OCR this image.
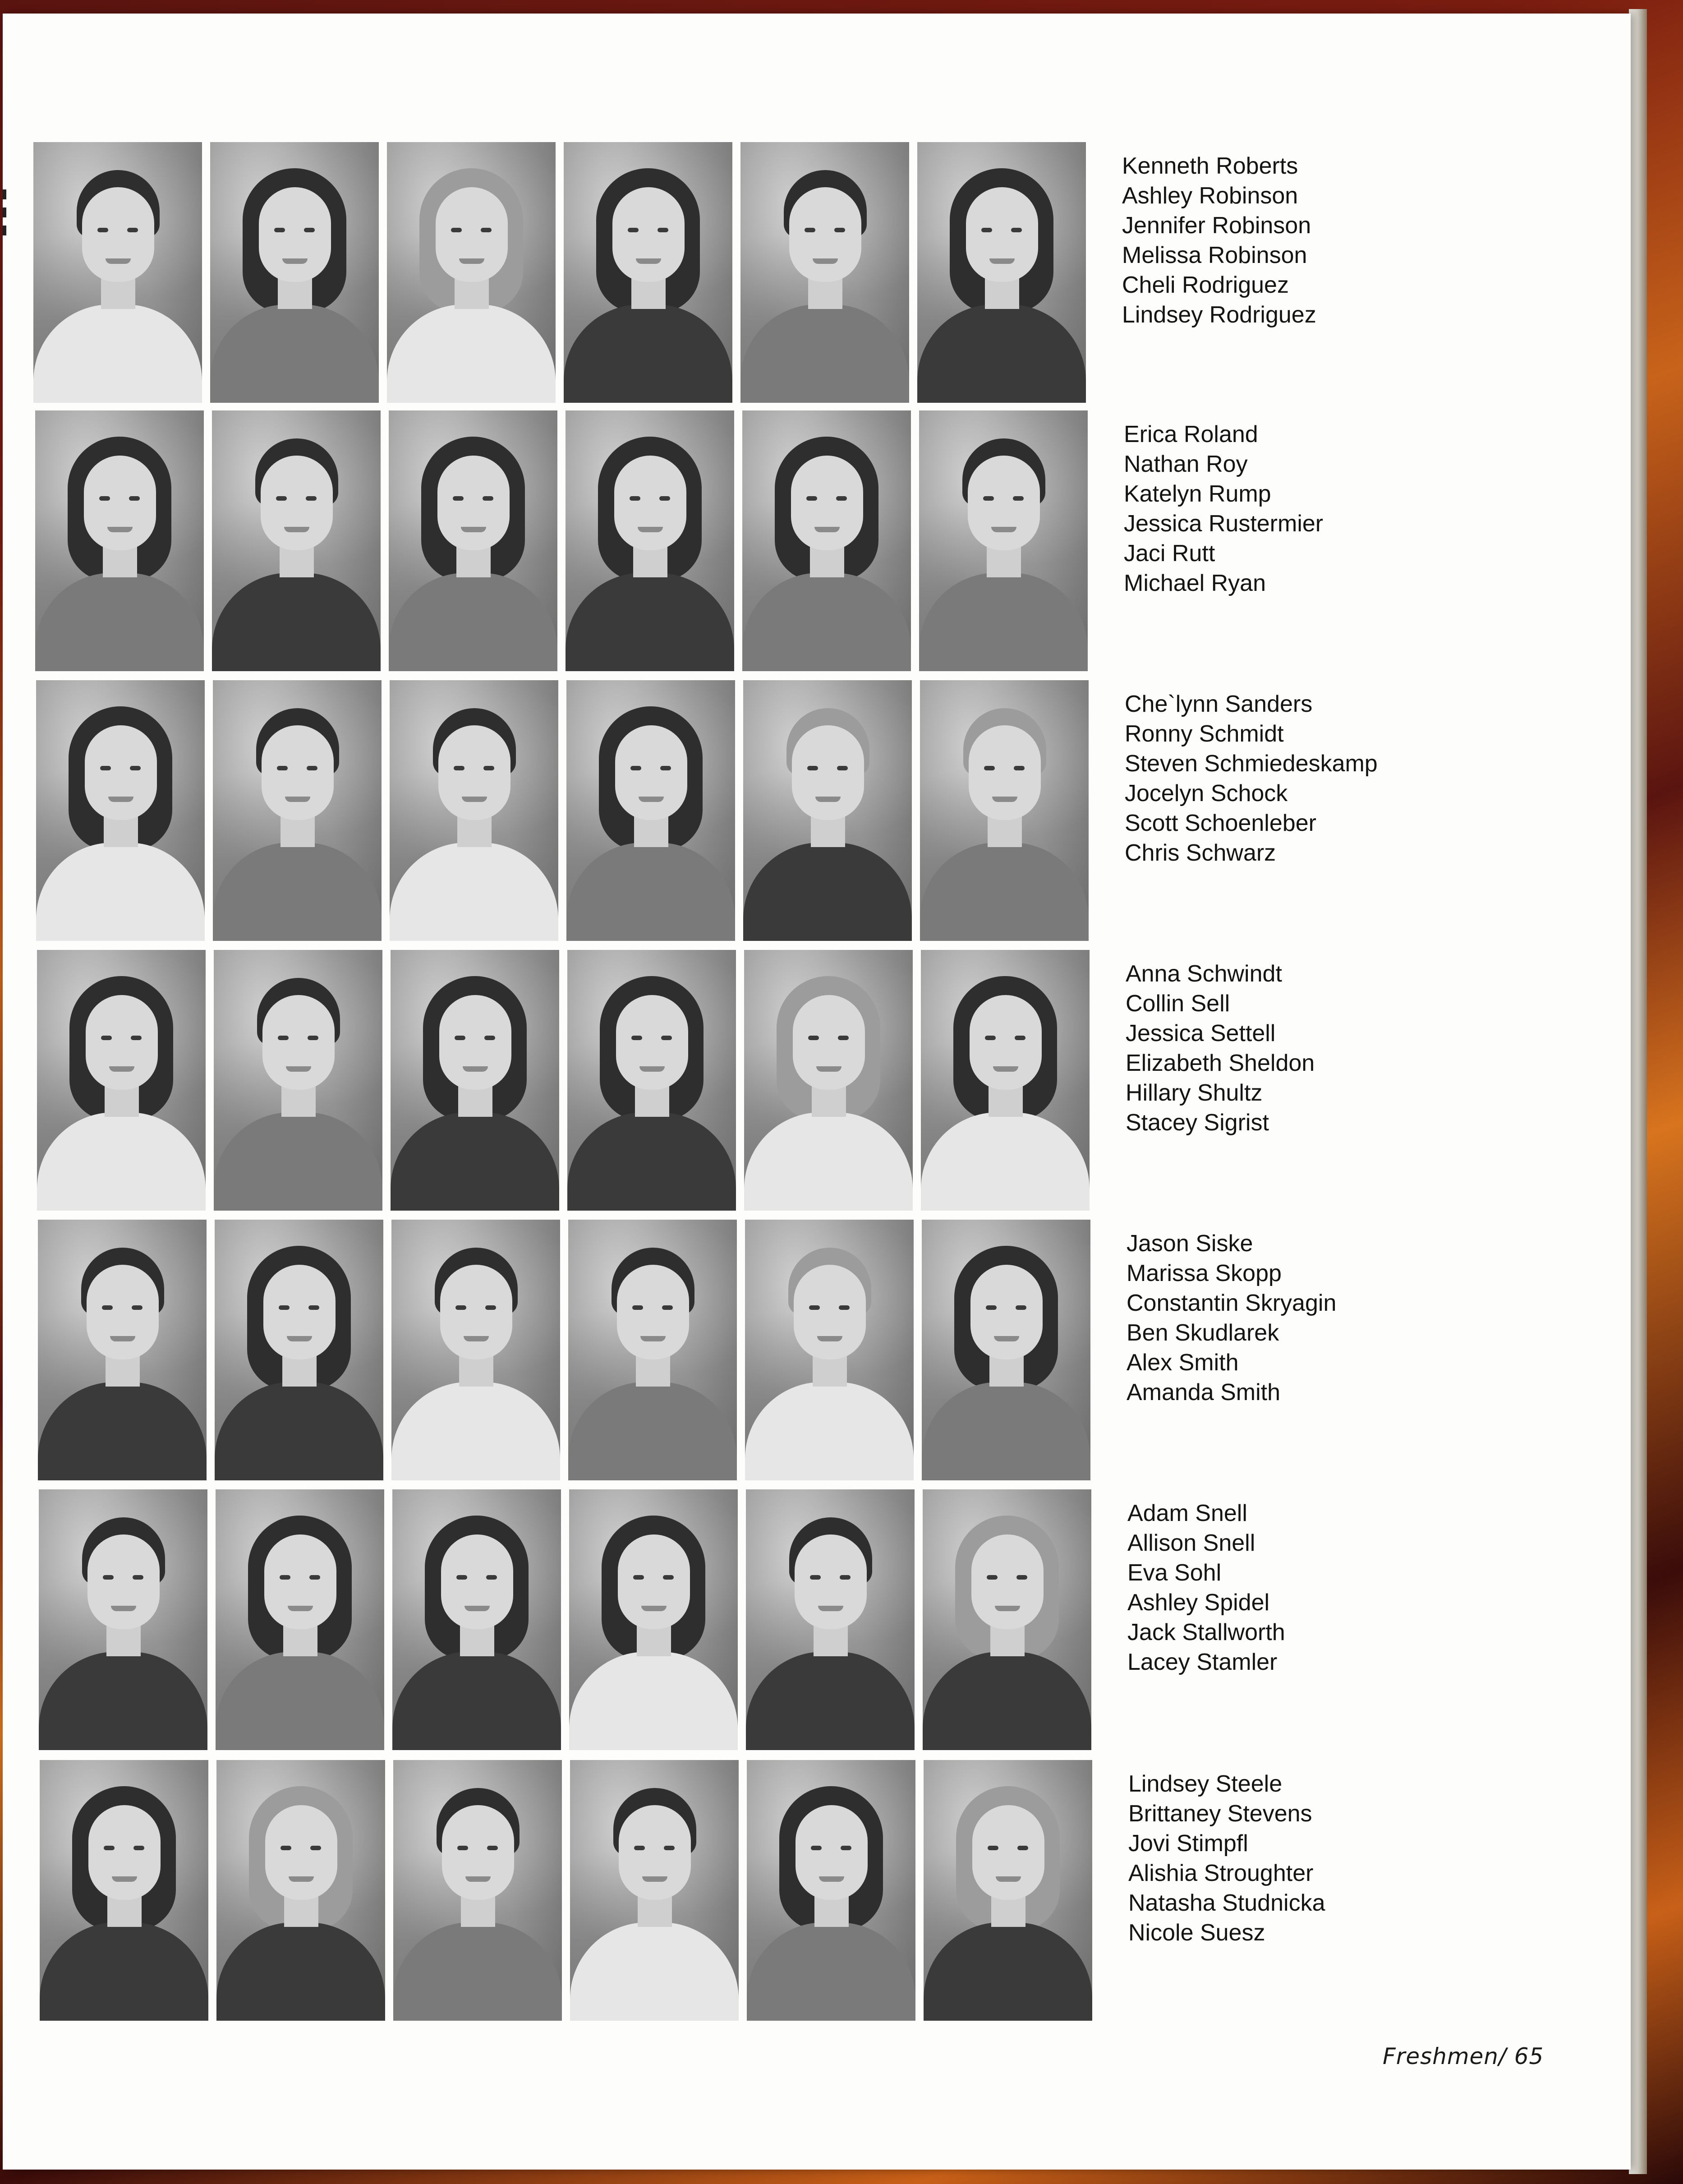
Kenneth Roberts
Ashley Robinson
Jennifer Robinson
Melissa Robinson
Cheli Rodriguez
Lindsey Rodriguez
Erica Roland
Nathan Roy
Katelyn Rump
Jessica Rustermier
Jaci Rutt
Michael Ryan
Che`lynn Sanders
Ronny Schmidt
Steven Schmiedeskamp
Jocelyn Schock
Scott Schoenleber
Chris Schwarz
Anna Schwindt
Collin Sell
Jessica Settell
Elizabeth Sheldon
Hillary Shultz
Stacey Sigrist
Jason Siske
Marissa Skopp
Constantin Skryagin
Ben Skudlarek
Alex Smith
Amanda Smith
Adam Snell
Allison Snell
Eva Sohl
Ashley Spidel
Jack Stallworth
Lacey Stamler
Lindsey Steele
Brittaney Stevens
Jovi Stimpfl
Alishia Stroughter
Natasha Studnicka
Nicole Suesz
Freshmen/ 65
